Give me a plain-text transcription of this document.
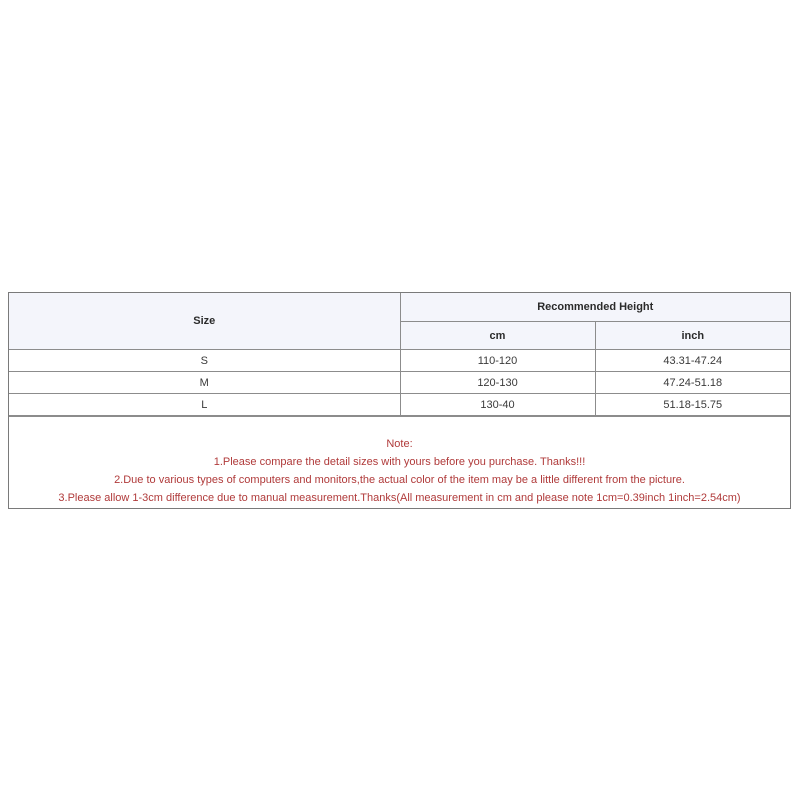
Size	Recommended Height	
	cm	inch
S	110-120	43.31-47.24
M	120-130	47.24-51.18
L	130-40	51.18-15.75
Note:
1.Please compare the detail sizes with yours before you purchase. Thanks!!!
2.Due to various types of computers and monitors,the actual color of the item may be a little different from the picture.
3.Please allow 1-3cm difference due to manual measurement.Thanks(All measurement in cm and please note 1cm=0.39inch 1inch=2.54cm)
